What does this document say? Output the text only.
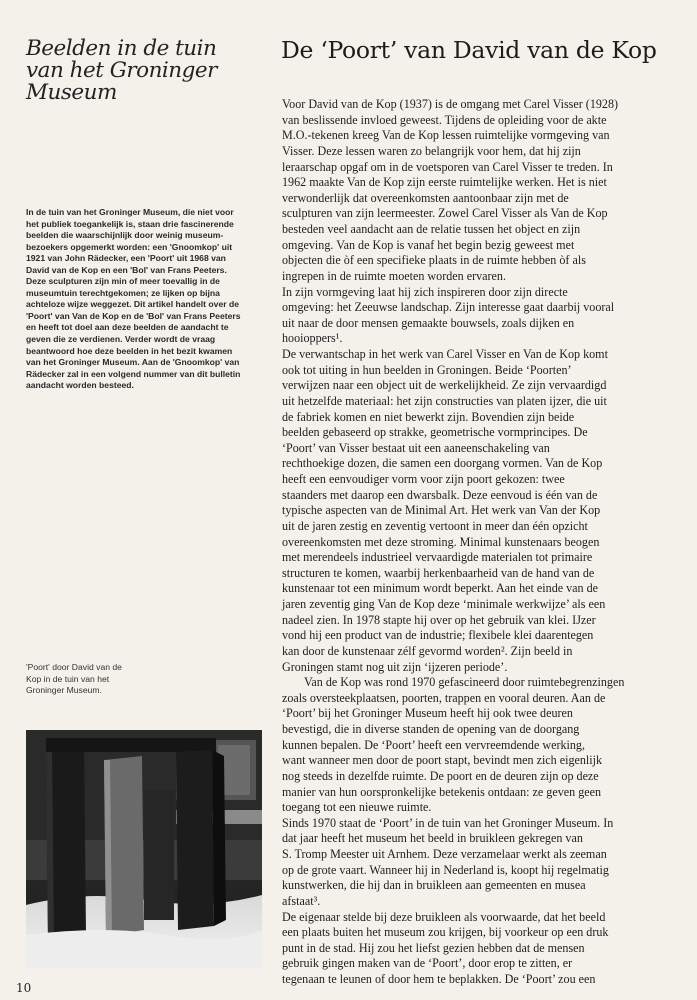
Beelden in de tuin
van het Groninger
Museum

In de tuin van het Groninger Museum, die niet voor het publiek toegankelijk is, staan drie fascinerende beelden die waarschijnlijk door weinig museum-bezoekers opgemerkt worden: een 'Gnoomkop' uit 1921 van John Rädecker, een 'Poort' uit 1968 van David van de Kop en een 'Bol' van Frans Peeters. Deze sculpturen zijn min of meer toevallig in de museumtuin terechtgekomen; ze lijken op bijna achteloze wijze weggezet. Dit artikel handelt over de 'Poort' van Van de Kop en de 'Bol' van Frans Peeters en heeft tot doel aan deze beelden de aandacht te geven die ze verdienen. Verder wordt de vraag beantwoord hoe deze beelden in het bezit kwamen van het Groninger Museum. Aan de 'Gnoomkop' van Rädecker zal in een volgend nummer van dit bulletin aandacht worden besteed.

'Poort' door David van de
Kop in de tuin van het
Groninger Museum.
10
De ‘Poort’ van David van de Kop
Voor David van de Kop (1937) is de omgang met Carel Visser (1928)
van beslissende invloed geweest. Tijdens de opleiding voor de akte
M.O.-tekenen kreeg Van de Kop lessen ruimtelijke vormgeving van
Visser. Deze lessen waren zo belangrijk voor hem, dat hij zijn
leraarschap opgaf om in de voetsporen van Carel Visser te treden. In
1962 maakte Van de Kop zijn eerste ruimtelijke werken. Het is niet
verwonderlijk dat overeenkomsten aantoonbaar zijn met de
sculpturen van zijn leermeester. Zowel Carel Visser als Van de Kop
besteden veel aandacht aan de relatie tussen het object en zijn
omgeving. Van de Kop is vanaf het begin bezig geweest met
objecten die òf een specifieke plaats in de ruimte hebben òf als
ingrepen in de ruimte moeten worden ervaren.
In zijn vormgeving laat hij zich inspireren door zijn directe
omgeving: het Zeeuwse landschap. Zijn interesse gaat daarbij vooral
uit naar de door mensen gemaakte bouwsels, zoals dijken en
hooioppers¹.
De verwantschap in het werk van Carel Visser en Van de Kop komt
ook tot uiting in hun beelden in Groningen. Beide ‘Poorten’
verwijzen naar een object uit de werkelijkheid. Ze zijn vervaardigd
uit hetzelfde materiaal: het zijn constructies van platen ijzer, die uit
de fabriek komen en niet bewerkt zijn. Bovendien zijn beide
beelden gebaseerd op strakke, geometrische vormprincipes. De
‘Poort’ van Visser bestaat uit een aaneenschakeling van
rechthoekige dozen, die samen een doorgang vormen. Van de Kop
heeft een eenvoudiger vorm voor zijn poort gekozen: twee
staanders met daarop een dwarsbalk. Deze eenvoud is één van de
typische aspecten van de Minimal Art. Het werk van Van der Kop
uit de jaren zestig en zeventig vertoont in meer dan één opzicht
overeenkomsten met deze stroming. Minimal kunstenaars beogen
met merendeels industrieel vervaardigde materialen tot primaire
structuren te komen, waarbij herkenbaarheid van de hand van de
kunstenaar tot een minimum wordt beperkt. Aan het einde van de
jaren zeventig ging Van de Kop deze ‘minimale werkwijze’ als een
nadeel zien. In 1978 stapte hij over op het gebruik van klei. IJzer
vond hij een product van de industrie; flexibele klei daarentegen
kan door de kunstenaar zélf gevormd worden². Zijn beeld in
Groningen stamt nog uit zijn ‘ijzeren periode’.
Van de Kop was rond 1970 gefascineerd door ruimtebegrenzingen
zoals oversteekplaatsen, poorten, trappen en vooral deuren. Aan de
‘Poort’ bij het Groninger Museum heeft hij ook twee deuren
bevestigd, die in diverse standen de opening van de doorgang
kunnen bepalen. De ‘Poort’ heeft een vervreemdende werking,
want wanneer men door de poort stapt, bevindt men zich eigenlijk
nog steeds in dezelfde ruimte. De poort en de deuren zijn op deze
manier van hun oorspronkelijke betekenis ontdaan: ze geven geen
toegang tot een nieuwe ruimte.
Sinds 1970 staat de ‘Poort’ in de tuin van het Groninger Museum. In
dat jaar heeft het museum het beeld in bruikleen gekregen van
S. Tromp Meester uit Arnhem. Deze verzamelaar werkt als zeeman
op de grote vaart. Wanneer hij in Nederland is, koopt hij regelmatig
kunstwerken, die hij dan in bruikleen aan gemeenten en musea
afstaat³.
De eigenaar stelde bij deze bruikleen als voorwaarde, dat het beeld
een plaats buiten het museum zou krijgen, bij voorkeur op een druk
punt in de stad. Hij zou het liefst gezien hebben dat de mensen
gebruik gingen maken van de ‘Poort’, door erop te zitten, er
tegenaan te leunen of door hem te beplakken. De ‘Poort’ zou een
